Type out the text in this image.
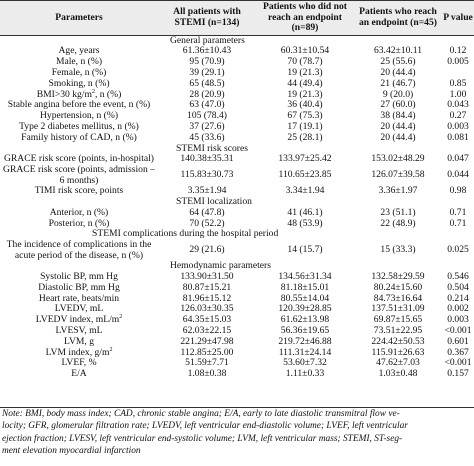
Parameters	All patients with STEMI (n=134)	Patients who did not reach an endpoint (n=89)	Patients who reach an endpoint (n=45)	P value
General parameters				
Age, years	61.36±10.43	60.31±10.54	63.42±10.11	0.12
Male, n (%)	95 (70.9)	70 (78.7)	25 (55.6)	0.005
Female, n (%)	39 (29.1)	19 (21.3)	20 (44.4)	
Smoking, n (%)	65 (48.5)	44 (49.4)	21 (46.7)	0.85
BMI>30 $kg/m^2$, n (%)	28 (20.9)	19 (21.3)	9 (20.0)	1.00
Stable angina before the event, n (%)	63 (47.0)	36 (40.4)	27 (60.0)	0.043
Hypertension, n (%)	105 (78.4)	67 (75.3)	38 (84.4)	0.27
Type 2 diabetes mellitus, n (%)	37 (27.6)	17 (19.1)	20 (44.4)	0.003
Family history of CAD, n (%)	45 (33.6)	25 (28.1)	20 (44.4)	0.081
STEMI risk scores				
GRACE risk score (points, in-hospital)	140.38±35.31	133.97±25.42	153.02±48.29	0.047
GRACE risk score (points, admission – 6 months)	115.83±30.73	110.65±23.85	126.07±39.58	0.044
TIMI risk score, points	3.35±1.94	3.34±1.94	3.36±1.97	0.98
STEMI localization				
Anterior, n (%)	64 (47.8)	41 (46.1)	23 (51.1)	0.71
Posterior, n (%)	70 (52.2)	48 (53.9)	22 (48.9)	0.71
STEMI complications during the hospital period				
The incidence of complications in the acute period of the disease, n (%)	29 (21.6)	14 (15.7)	15 (33.3)	0.025
Hemodynamic parameters				
Systolic BP, mm Hg	133.90±31.50	134.56±31.34	132.58±29.59	0.546
Diastolic BP, mm Hg	80.87±15.21	81.18±15.01	80.24±15.60	0.504
Heart rate, beats/min	81.96±15.12	80.55±14.04	84.73±16.64	0.214
LVEDV, mL	126.03±30.35	120.39±28.85	137.51±31.09	0.002
LVEDV index, $mL/m^2$	64.35±15.03	61.62±13.98	69.87±15.65	0.003
LVESV, mL	62.03±22.15	56.36±19.65	73.51±22.95	<0.001
LVM, g	221.29±47.98	219.72±46.88	224.42±50.53	0.601
LVM index, $g/m^2$	112.85±25.00	111.31±24.14	115.91±26.63	0.367
LVEF, %	51.59±7.71	53.60±7.32	47.62±7.03	<0.001
E/A	1.08±0.38	1.11±0.33	1.03±0.48	0.157
Note: BMI, body mass index; CAD, chronic stable angina; E/A, early to late diastolic transmitral flow ve-
locity; GFR, glomerular filtration rate; LVEDV, left ventricular end-diastolic volume; LVEF, left ventricular
ejection fraction; LVESV, left ventricular end-systolic volume; LVM, left ventricular mass; STEMI, ST-seg-
ment elevation myocardial infarction
